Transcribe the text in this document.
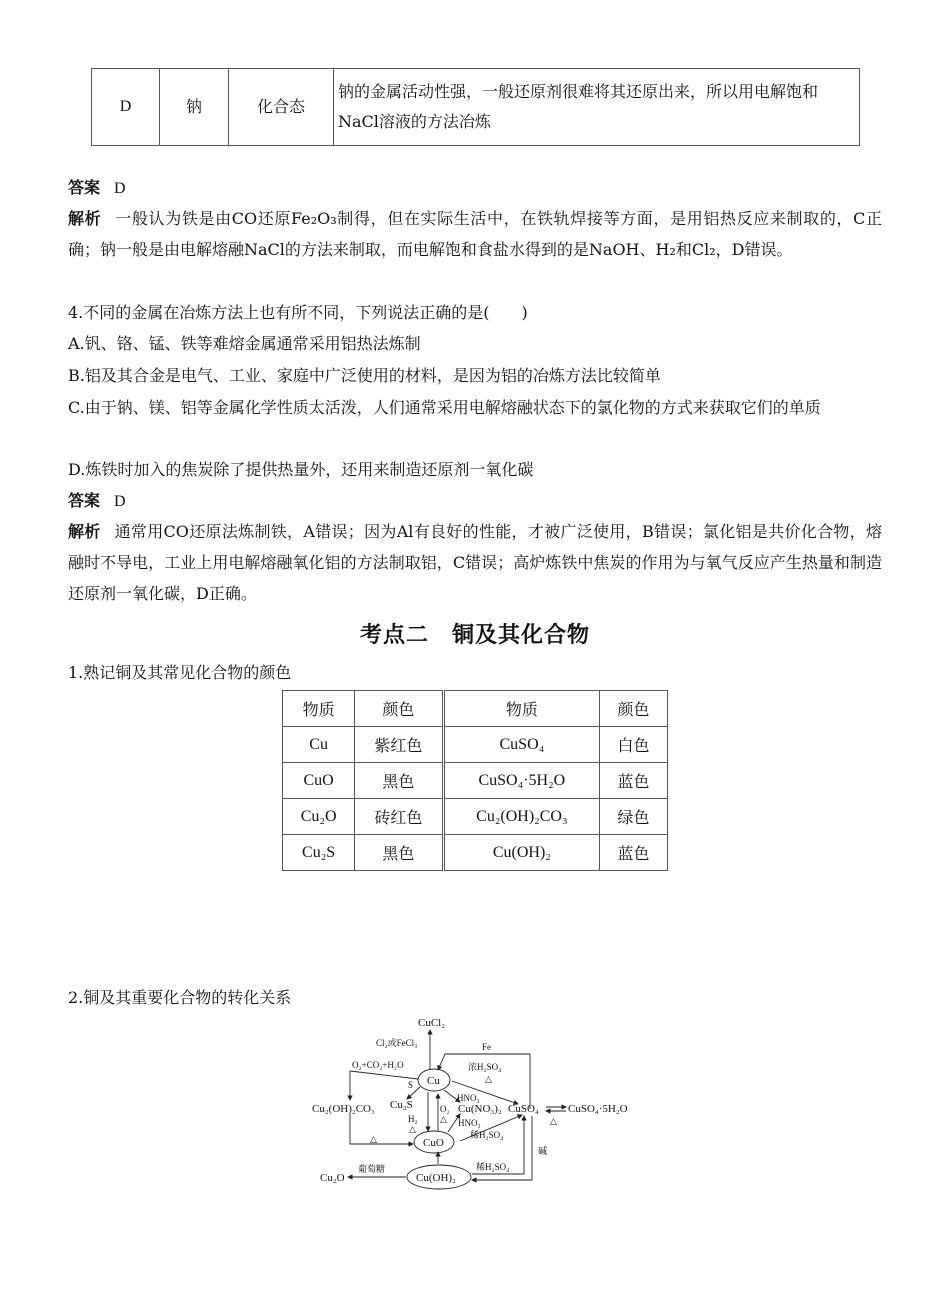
D	钠	化合态	钠的金属活动性强，一般还原剂很难将其还原出来，所以用电解饱和NaCl溶液的方法冶炼
答案 D
解析 一般认为铁是由CO还原Fe₂O₃制得，但在实际生活中，在铁轨焊接等方面，是用铝热反应来制取的，C正确；钠一般是由电解熔融NaCl的方法来制取，而电解饱和食盐水得到的是NaOH、H₂和Cl₂，D错误。
4.不同的金属在冶炼方法上也有所不同，下列说法正确的是(　　)
A.钒、铬、锰、铁等难熔金属通常采用铝热法炼制
B.铝及其合金是电气、工业、家庭中广泛使用的材料，是因为铝的冶炼方法比较简单
C.由于钠、镁、铝等金属化学性质太活泼，人们通常采用电解熔融状态下的氯化物的方式来获取它们的单质
D.炼铁时加入的焦炭除了提供热量外，还用来制造还原剂一氧化碳
答案 D
解析 通常用CO还原法炼制铁，A错误；因为Al有良好的性能，才被广泛使用，B错误；氯化铝是共价化合物，熔融时不导电，工业上用电解熔融氧化铝的方法制取铝，C错误；高炉炼铁中焦炭的作用为与氧气反应产生热量和制造还原剂一氧化碳，D正确。
考点二　铜及其化合物
1.熟记铜及其常见化合物的颜色
物质	颜色	物质	颜色
Cu	紫红色	CuSO₄	白色
CuO	黑色	CuSO₄·5H₂O	蓝色
Cu₂O	砖红色	Cu₂(OH)₂CO₃	绿色
Cu₂S	黑色	Cu(OH)₂	蓝色
2.铜及其重要化合物的转化关系
CuCl₂
Cl₂或FeCl₃	Fe
O₂+CO₂+H₂O	浓H₂SO₄
△
Cu
S
Cu₂S
HNO₃
Cu₂(OH)₂CO₃
H₂
△
O₂
△
Cu(NO₃)₂ CuSO₄	CuSO₄·5H₂O
△
HNO₃
稀H₂SO₄
CuO
△
碱
葡萄糖	稀H₂SO₄
Cu₂O	Cu(OH)₂
